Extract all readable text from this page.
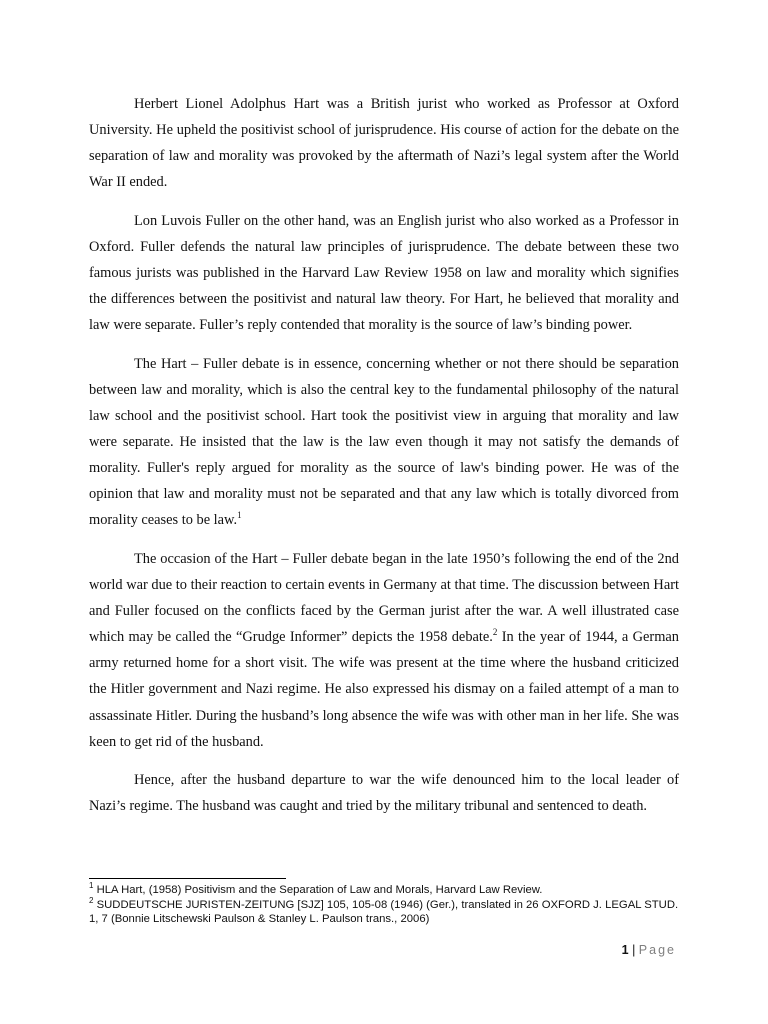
Herbert Lionel Adolphus Hart was a British jurist who worked as Professor at Oxford University. He upheld the positivist school of jurisprudence. His course of action for the debate on the separation of law and morality was provoked by the aftermath of Nazi’s legal system after the World War II ended.

Lon Luvois Fuller on the other hand, was an English jurist who also worked as a Professor in Oxford. Fuller defends the natural law principles of jurisprudence. The debate between these two famous jurists was published in the Harvard Law Review 1958 on law and morality which signifies the differences between the positivist and natural law theory. For Hart, he believed that morality and law were separate. Fuller’s reply contended that morality is the source of law’s binding power.

The Hart – Fuller debate is in essence, concerning whether or not there should be separation between law and morality, which is also the central key to the fundamental philosophy of the natural law school and the positivist school. Hart took the positivist view in arguing that morality and law were separate. He insisted that the law is the law even though it may not satisfy the demands of morality. Fuller's reply argued for morality as the source of law's binding power. He was of the opinion that law and morality must not be separated and that any law which is totally divorced from morality ceases to be law.$^1$

The occasion of the Hart – Fuller debate began in the late 1950’s following the end of the 2nd world war due to their reaction to certain events in Germany at that time. The discussion between Hart and Fuller focused on the conflicts faced by the German jurist after the war. A well illustrated case which may be called the “Grudge Informer” depicts the 1958 debate.$^2$ In the year of 1944, a German army returned home for a short visit. The wife was present at the time where the husband criticized the Hitler government and Nazi regime. He also expressed his dismay on a failed attempt of a man to assassinate Hitler. During the husband’s long absence the wife was with other man in her life. She was keen to get rid of the husband.

Hence, after the husband departure to war the wife denounced him to the local leader of Nazi’s regime. The husband was caught and tried by the military tribunal and sentenced to death.

$^1$ HLA Hart, (1958) Positivism and the Separation of Law and Morals, Harvard Law Review.
$^2$ SUDDEUTSCHE JURISTEN-ZEITUNG [SJZ] 105, 105-08 (1946) (Ger.), translated in 26 OXFORD J. LEGAL STUD. 1, 7 (Bonnie Litschewski Paulson & Stanley L. Paulson trans., 2006)
1 | Page
